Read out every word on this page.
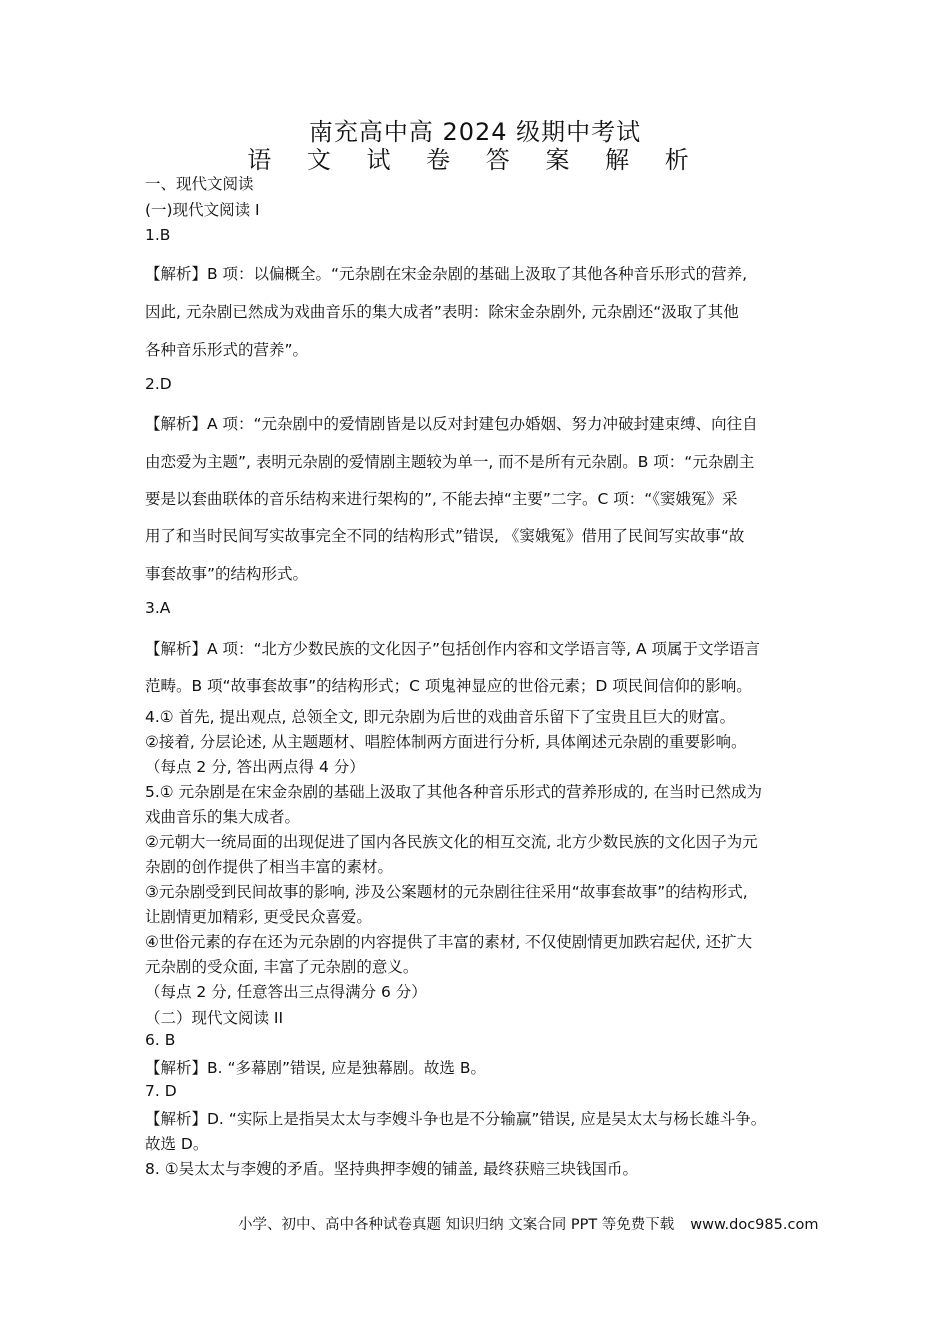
南充高中高 2024 级期中考试
语 文 试 卷 答 案 解 析
一、现代文阅读
(一)现代文阅读 I
1.B
【解析】B 项：以偏概全。“元杂剧在宋金杂剧的基础上汲取了其他各种音乐形式的营养,
因此, 元杂剧已然成为戏曲音乐的集大成者”表明：除宋金杂剧外, 元杂剧还“汲取了其他
各种音乐形式的营养”。
2.D
【解析】A 项：“元杂剧中的爱情剧皆是以反对封建包办婚姻、努力冲破封建束缚、向往自
由恋爱为主题”, 表明元杂剧的爱情剧主题较为单一, 而不是所有元杂剧。B 项：“元杂剧主
要是以套曲联体的音乐结构来进行架构的”, 不能去掉“主要”二字。C 项：“《窦娥冤》采
用了和当时民间写实故事完全不同的结构形式”错误, 《窦娥冤》借用了民间写实故事“故
事套故事”的结构形式。
3.A
【解析】A 项：“北方少数民族的文化因子”包括创作内容和文学语言等, A 项属于文学语言
范畴。B 项“故事套故事”的结构形式；C 项鬼神显应的世俗元素；D 项民间信仰的影响。
4.① 首先, 提出观点, 总领全文, 即元杂剧为后世的戏曲音乐留下了宝贵且巨大的财富。
②接着, 分层论述, 从主题题材、唱腔体制两方面进行分析, 具体阐述元杂剧的重要影响。
（每点 2 分, 答出两点得 4 分）
5.① 元杂剧是在宋金杂剧的基础上汲取了其他各种音乐形式的营养形成的, 在当时已然成为
戏曲音乐的集大成者。
②元朝大一统局面的出现促进了国内各民族文化的相互交流, 北方少数民族的文化因子为元
杂剧的创作提供了相当丰富的素材。
③元杂剧受到民间故事的影响, 涉及公案题材的元杂剧往往采用“故事套故事”的结构形式,
让剧情更加精彩, 更受民众喜爱。
④世俗元素的存在还为元杂剧的内容提供了丰富的素材, 不仅使剧情更加跌宕起伏, 还扩大
元杂剧的受众面, 丰富了元杂剧的意义。
（每点 2 分, 任意答出三点得满分 6 分）
（二）现代文阅读 II
6. B
【解析】B. “多幕剧”错误, 应是独幕剧。故选 B。
7. D
【解析】D. “实际上是指吴太太与李嫂斗争也是不分输赢”错误, 应是吴太太与杨长雄斗争。
故选 D。
8. ①吴太太与李嫂的矛盾。坚持典押李嫂的铺盖, 最终获赔三块钱国币。
小学、初中、高中各种试卷真题 知识归纳 文案合同 PPT 等免费下载 www.doc985.com
